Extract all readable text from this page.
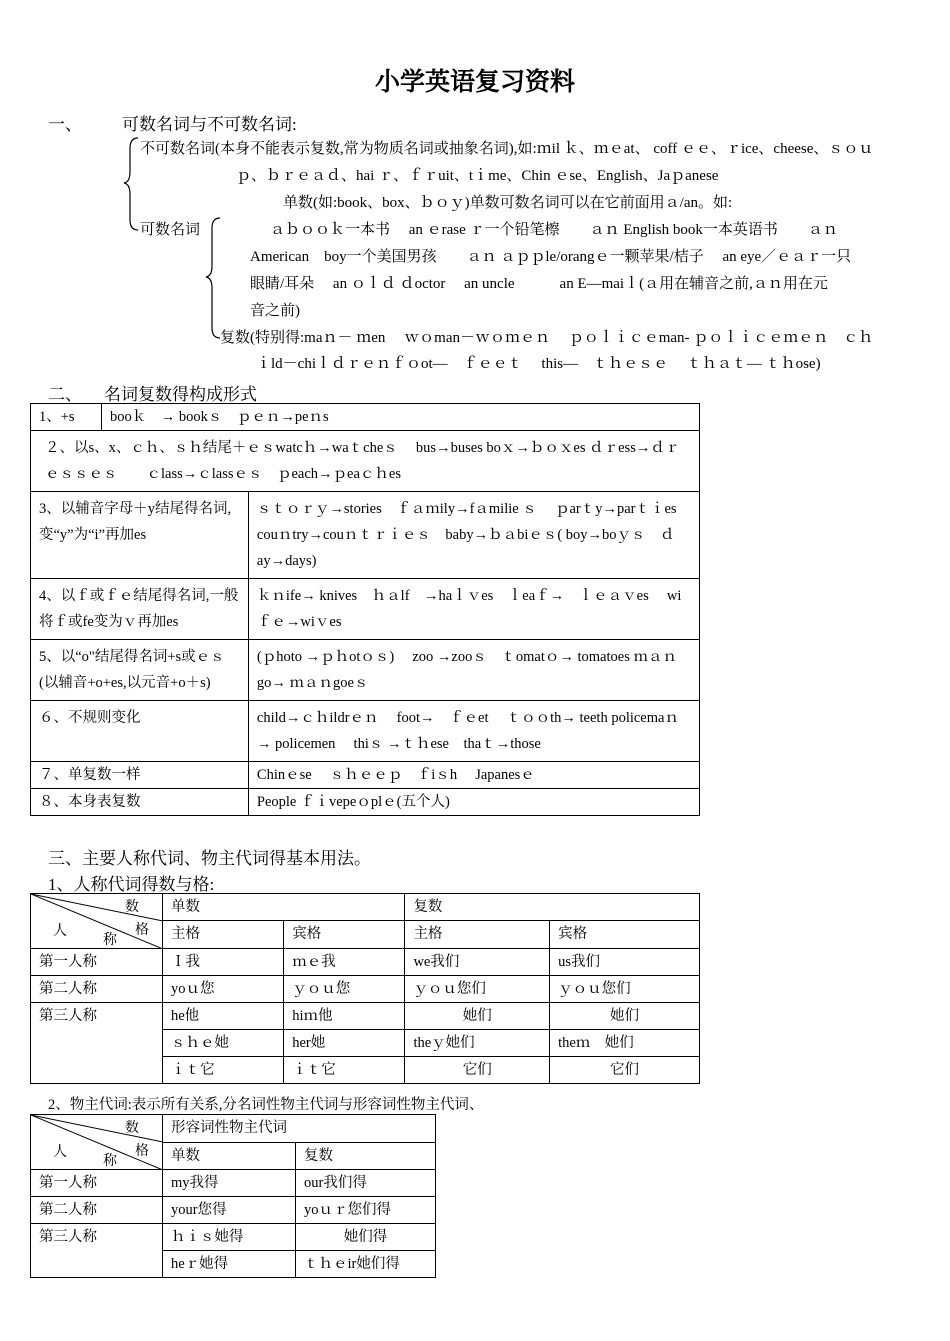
小学英语复习资料
一、 可数名词与不可数名词:
不可数名词(本身不能表示复数,常为物质名词或抽象名词),如:ｍil ｋ、ｍｅat、 coff ｅｅ、ｒice、cheese、ｓｏｕ
ｐ、ｂｒｅａｄ、hai ｒ、ｆｒuit、tｉme、Chin ｅse、English、Jaｐanese
可数名词
单数(如:book、box、ｂｏｙ)单数可数名词可以在它前面用ａ/an。如:
ａｂｏｏｋ一本书　 an ｅrase ｒ一个铅笔檫　　ａｎ English book一本英语书　　ａｎ
American　boy一个美国男孩　　ａｎ ａｐｐle/orangｅ一颗苹果/桔子　 an eye／ｅａｒ一只
眼睛/耳朵　 an ｏｌｄ ｄoctor　 an uncle　　　an E—maiｌ(ａ用在辅音之前,ａｎ用在元
音之前)
复数(特别得:maｎ－ ｍen　 ｗｏman－ｗｏｍｅｎ　 ｐｏｌｉｃｅman- ｐｏｌｉｃｅｍｅｎ　ｃｈ
ｉld－chiｌｄｒｅｎｆｏot—　ｆｅｅｔ　 this—　ｔｈｅｓｅ　 ｔｈａｔ— ｔｈose)
二、 名词复数得构成形式
1、+s	booｋ　→ bookｓ　ｐｅｎ→peｎs	
２、以s、x、ｃｈ、ｓｈ结尾＋ｅｓwatcｈ→waｔcheｓ　 bus→buses boｘ→ｂｏｘes ｄｒess→ｄｒｅｓｓｅｓ　　ｃlass→ｃlassｅｓ　ｐeach→ｐeaｃｈes		
3、以辅音字母＋y结尾得名词,变“y”为“i”再加es		ｓｔｏｒｙ→stories　ｆａｍily→fａmilie ｓ　 ｐarｔy→parｔｉes couｎtry→couｎｔｒｉｅｓ　baby→ｂａbiｅｓ( boy→boｙｓ　ｄay→days)
4、以ｆ或ｆｅ结尾得名词,一般将ｆ或fe变为ｖ再加es		ｋｎife→ knives　ｈａlf　→haｌｖes　ｌeaｆ→　ｌｅａｖes　 wiｆｅ→wiｖes
5、以“o"结尾得名词+s或ｅｓ(以辅音+o+es,以元音+o＋s)		(ｐhoto →ｐｈotｏｓ)　 zoo →zooｓ　ｔomatｏ→ tomatoes ｍａｎgo→ ｍａｎgoeｓ
６、不规则变化		child→ｃｈildrｅｎ　 foot→　ｆｅet　 ｔｏｏth→ teeth policemaｎ→ policemen　 thiｓ →ｔｈese　thaｔ→those
７、单复数一样		Chinｅse　 ｓｈｅｅｐ　ｆiｓh　 Japanesｅ
８、本身表复数		People ｆｉvepeｏplｅ(五个人)
三、主要人称代词、物主代词得基本用法。
1、人称代词得数与格:
数
格
人
称	单数		复数	
	主格	宾格	主格	宾格
第一人称	Ｉ我	ｍｅ我	we我们	us我们
第二人称	yoｕ您	ｙｏｕ您	ｙｏｕ您们	ｙｏｕ您们
第三人称	he他	hiｍ他	她们	她们
	ｓｈｅ她	her她	theｙ她们	theｍ　她们
	ｉｔ它	ｉｔ它	它们	它们
2、物主代词:表示所有关系,分名词性物主代词与形容词性物主代词、
数
格
人
称	形容词性物主代词	
	单数	复数
第一人称	my我得	our我们得
第二人称	your您得	yoｕｒ您们得
第三人称	ｈｉｓ她得	她们得
	heｒ她得	ｔｈｅir她们得
